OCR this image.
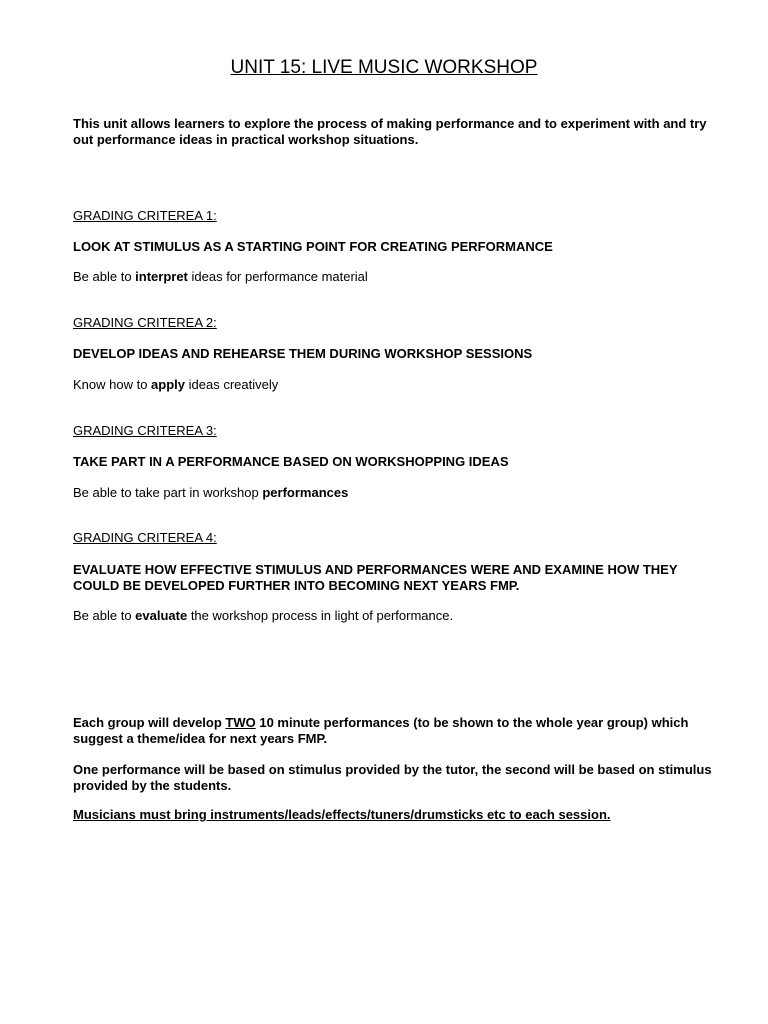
UNIT 15: LIVE MUSIC WORKSHOP

This unit allows learners to explore the process of making performance and to experiment with and try out performance ideas in practical workshop situations.

GRADING CRITEREA 1:

LOOK AT STIMULUS AS A STARTING POINT FOR CREATING PERFORMANCE

Be able to interpret ideas for performance material

GRADING CRITEREA 2:

DEVELOP IDEAS AND REHEARSE THEM DURING WORKSHOP SESSIONS

Know how to apply ideas creatively

GRADING CRITEREA 3:

TAKE PART IN A PERFORMANCE BASED ON WORKSHOPPING IDEAS

Be able to take part in workshop performances

GRADING CRITEREA 4:

EVALUATE HOW EFFECTIVE STIMULUS AND PERFORMANCES WERE AND EXAMINE HOW THEY COULD BE DEVELOPED FURTHER INTO BECOMING NEXT YEARS FMP.

Be able to evaluate the workshop process in light of performance.

Each group will develop TWO 10 minute performances (to be shown to the whole year group) which suggest a theme/idea for next years FMP.

One performance will be based on stimulus provided by the tutor, the second will be based on stimulus provided by the students.

Musicians must bring instruments/leads/effects/tuners/drumsticks etc to each session.
